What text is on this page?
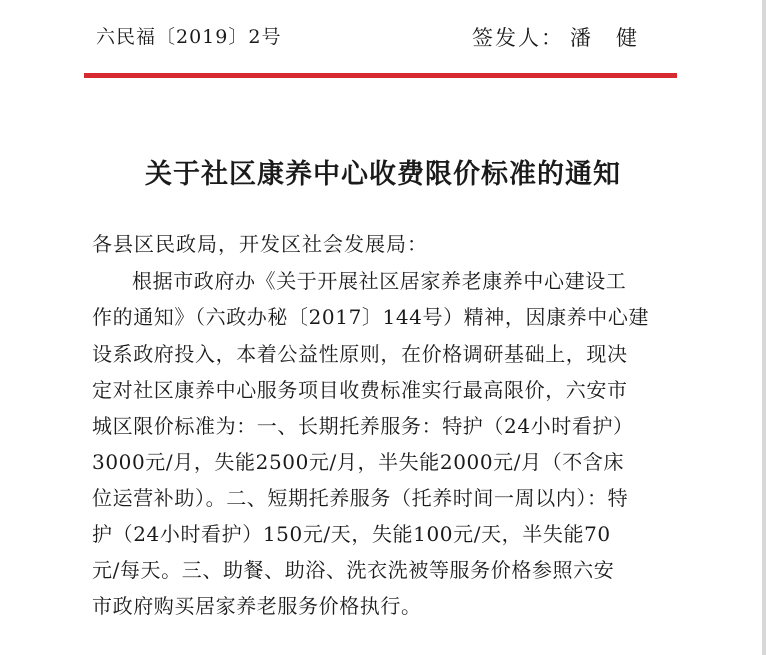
六民福〔2019〕2号	签发人： 潘　健
关于社区康养中心收费限价标准的通知
各县区民政局，开发区社会发展局：
根据市政府办《关于开展社区居家养老康养中心建设工
作的通知》（六政办秘〔2017〕144号）精神，因康养中心建
设系政府投入，本着公益性原则，在价格调研基础上，现决
定对社区康养中心服务项目收费标准实行最高限价，六安市
城区限价标准为：一、长期托养服务：特护（24小时看护）
3000元/月，失能2500元/月，半失能2000元/月（不含床
位运营补助）。二、短期托养服务（托养时间一周以内）：特
护（24小时看护）150元/天，失能100元/天，半失能70
元/每天。三、助餐、助浴、洗衣洗被等服务价格参照六安
市政府购买居家养老服务价格执行。
